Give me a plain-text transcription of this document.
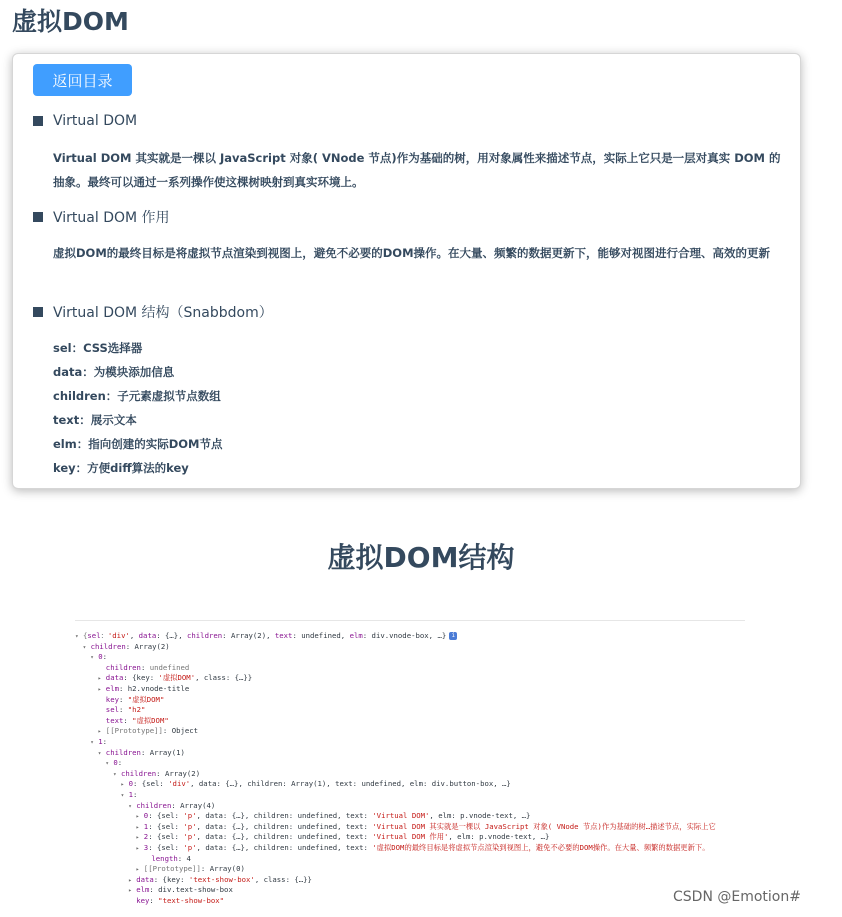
虚拟DOM
返回目录
Virtual DOM

Virtual DOM 其实就是一棵以 JavaScript 对象( VNode 节点)作为基础的树，用对象属性来描述节点，实际上它只是一层对真实 DOM 的抽象。最终可以通过一系列操作使这棵树映射到真实环境上。

Virtual DOM 作用

虚拟DOM的最终目标是将虚拟节点渲染到视图上，避免不必要的DOM操作。在大量、频繁的数据更新下，能够对视图进行合理、高效的更新

Virtual DOM 结构（Snabbdom）
sel：CSS选择器
data：为模块添加信息
children：子元素虚拟节点数组
text：展示文本
elm：指向创建的实际DOM节点
key：方便diff算法的key
虚拟DOM结构
▾ {sel：'div', data: {…}, children: Array(2), text: undefined, elm: div.vnode-box, …} i
▾ children: Array(2)
▾ 0:
children: undefined
▸ data: {key: '虚拟DOM', class: {…}}
▸ elm: h2.vnode-title
key: "虚拟DOM"
sel: "h2"
text: "虚拟DOM"
▸ [[Prototype]]: Object
▾ 1:
▾ children: Array(1)
▾ 0:
▾ children: Array(2)
▸ 0: {sel: 'div', data: {…}, children: Array(1), text: undefined, elm: div.button-box, …}
▾ 1:
▾ children: Array(4)
▸ 0: {sel: 'p', data: {…}, children: undefined, text: 'Virtual DOM', elm: p.vnode-text, …}
▸ 1: {sel: 'p', data: {…}, children: undefined, text: 'Virtual DOM 其实就是一棵以 JavaScript 对象( VNode 节点)作为基础的树…描述节点，实际上它
▸ 2: {sel: 'p', data: {…}, children: undefined, text: 'Virtual DOM 作用', elm: p.vnode-text, …}
▸ 3: {sel: 'p', data: {…}, children: undefined, text: '虚拟DOM的最终目标是将虚拟节点渲染到视图上，避免不必要的DOM操作。在大量、频繁的数据更新下。
length: 4
▸ [[Prototype]]: Array(0)
▸ data: {key: 'text-show-box', class: {…}}
▸ elm: div.text-show-box
key: "text-show-box"	CSDN @Emotion#
